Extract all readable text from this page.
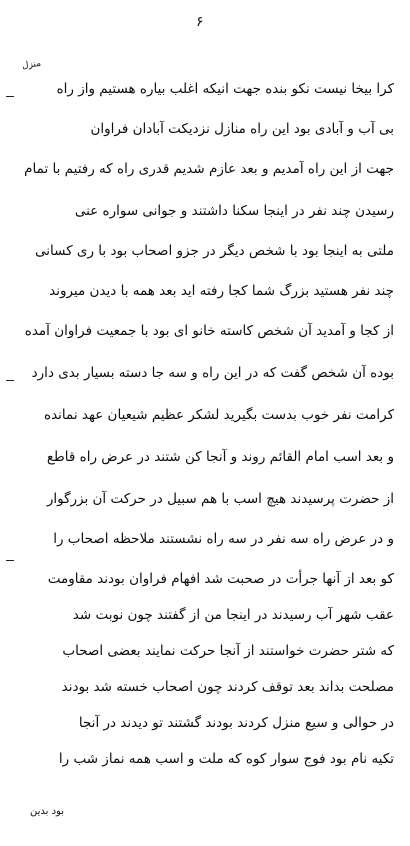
۶
منزل
کرا بیخا نیست نکو بنده جهت انیکه اغلب بیاره هستیم واز راه
بی آب و آبادی بود این راه منازل نزدیکت آبادان فراوان
جهت از این راه آمدیم و بعد عازم شدیم قدری راه که رفتیم با تمام
رسیدن چند نفر در اینجا سکنا داشتند و جوانی سواره عنی
ملتی به اینجا بود با شخص دیگر در جزو اصحاب بود با ری کسانی
چند نفر هستید بزرگ شما کجا رفته اید بعد همه با دیدن میروند
از کجا و آمدید آن شخص کاسته خانو ای بود با جمعیت فراوان آمده
بوده آن شخص گفت که در این راه و سه جا دسته بسیار بدی دارد
کرامت نفر خوب بدست بگیرید لشکر عظیم شیعیان عهد نمانده
و بعد اسب امام القائم روند و آنجا کن شتند در عرض راه قاطع
از حضرت پرسیدند هیچ اسب با هم سبیل در حرکت آن بزرگوار
و در عرض راه سه نفر در سه راه نشستند ملاحظه اصحاب را
کو بعد از آنها جرأت در صحبت شد افهام فراوان بودند مقاومت
عقب شهر آب رسیدند در اینجا من از گفتند چون نوبت شد
که شتر حضرت خواستند از آنجا حرکت نمایند بعضی اصحاب
مصلحت بداند بعد توقف کردند چون اصحاب خسته شد بودند
در حوالی و سیع منزل کردند بودند گشتند تو دیدند در آنجا
تکیه نام بود فوج سوار کوه که ملت و اسب همه نماز شب را
بود بدین
